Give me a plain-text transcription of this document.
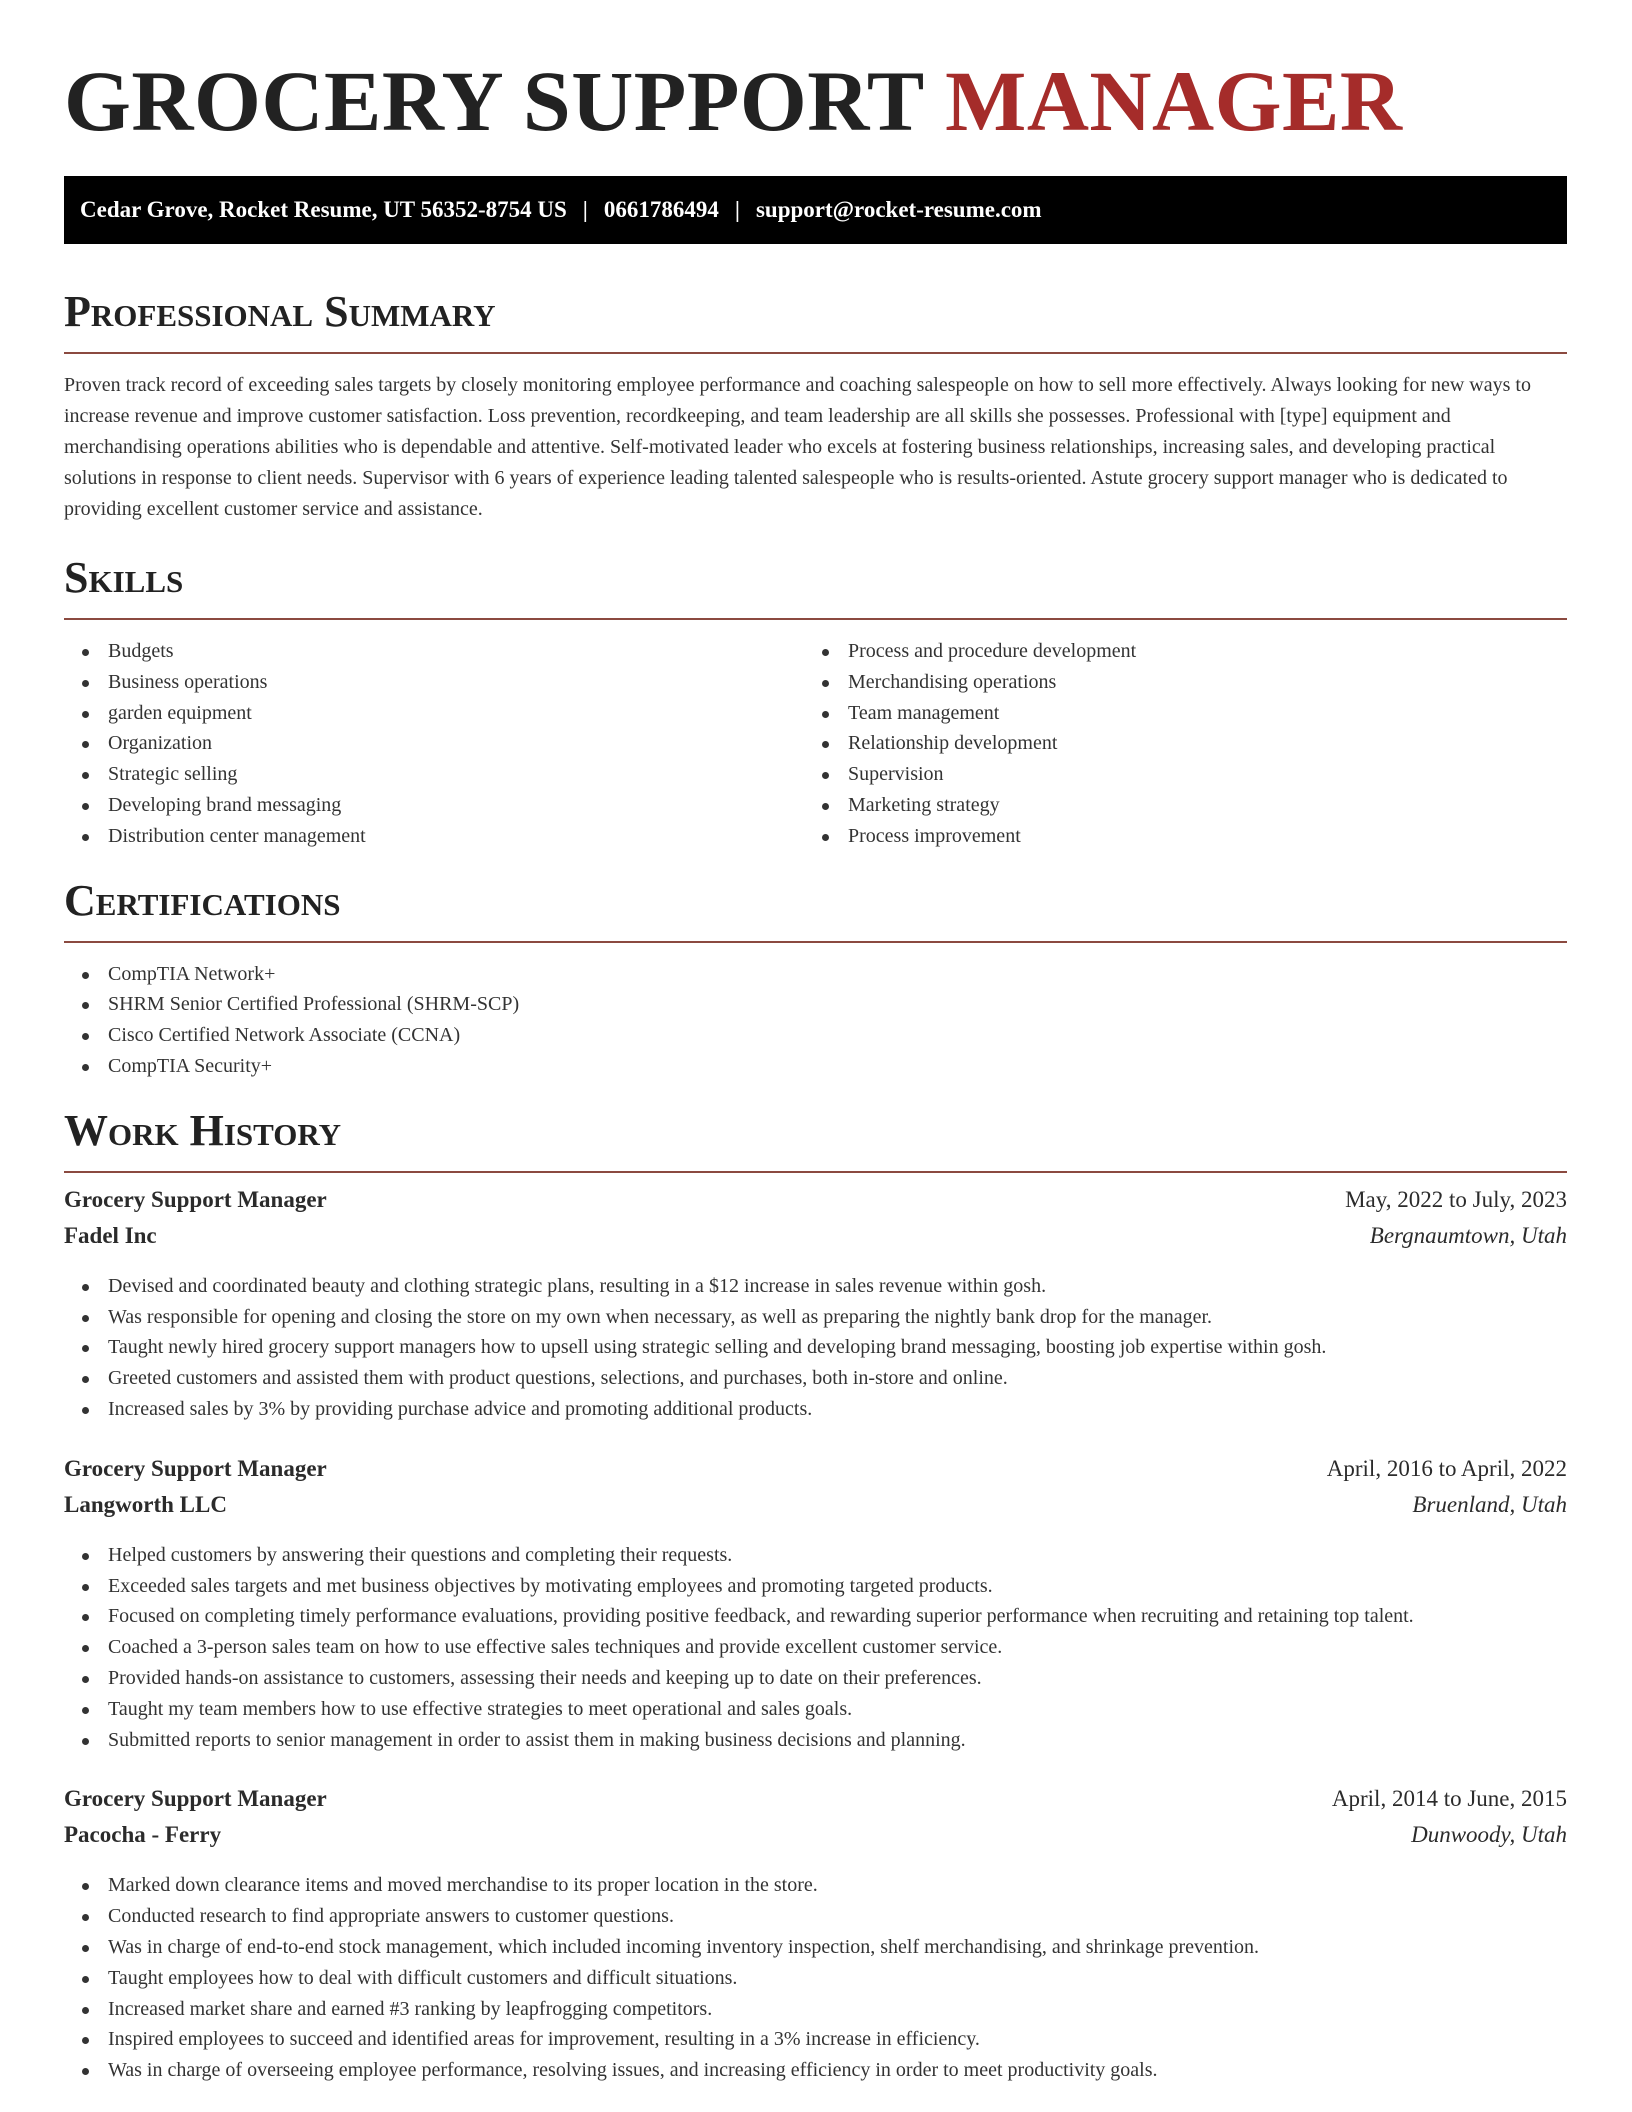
GROCERY SUPPORT MANAGER
Cedar Grove, Rocket Resume, UT 56352-8754 US | 0661786494 | support@rocket-resume.com
Professional Summary

Proven track record of exceeding sales targets by closely monitoring employee performance and coaching salespeople on how to sell more effectively. Always looking for new ways to increase revenue and improve customer satisfaction. Loss prevention, recordkeeping, and team leadership are all skills she possesses. Professional with [type] equipment and merchandising operations abilities who is dependable and attentive. Self-motivated leader who excels at fostering business relationships, increasing sales, and developing practical solutions in response to client needs. Supervisor with 6 years of experience leading talented salespeople who is results-oriented. Astute grocery support manager who is dedicated to providing excellent customer service and assistance.

Skills
Budgets
Business operations
garden equipment
Organization
Strategic selling
Developing brand messaging
Distribution center management
Process and procedure development
Merchandising operations
Team management
Relationship development
Supervision
Marketing strategy
Process improvement
Certifications
CompTIA Network+
SHRM Senior Certified Professional (SHRM-SCP)
Cisco Certified Network Associate (CCNA)
CompTIA Security+
Work History
Grocery Support Manager	May, 2022 to July, 2023
Fadel Inc	Bergnaumtown, Utah
Devised and coordinated beauty and clothing strategic plans, resulting in a $12 increase in sales revenue within gosh.
Was responsible for opening and closing the store on my own when necessary, as well as preparing the nightly bank drop for the manager.
Taught newly hired grocery support managers how to upsell using strategic selling and developing brand messaging, boosting job expertise within gosh.
Greeted customers and assisted them with product questions, selections, and purchases, both in-store and online.
Increased sales by 3% by providing purchase advice and promoting additional products.
Grocery Support Manager	April, 2016 to April, 2022
Langworth LLC	Bruenland, Utah
Helped customers by answering their questions and completing their requests.
Exceeded sales targets and met business objectives by motivating employees and promoting targeted products.
Focused on completing timely performance evaluations, providing positive feedback, and rewarding superior performance when recruiting and retaining top talent.
Coached a 3-person sales team on how to use effective sales techniques and provide excellent customer service.
Provided hands-on assistance to customers, assessing their needs and keeping up to date on their preferences.
Taught my team members how to use effective strategies to meet operational and sales goals.
Submitted reports to senior management in order to assist them in making business decisions and planning.
Grocery Support Manager	April, 2014 to June, 2015
Pacocha - Ferry	Dunwoody, Utah
Marked down clearance items and moved merchandise to its proper location in the store.
Conducted research to find appropriate answers to customer questions.
Was in charge of end-to-end stock management, which included incoming inventory inspection, shelf merchandising, and shrinkage prevention.
Taught employees how to deal with difficult customers and difficult situations.
Increased market share and earned #3 ranking by leapfrogging competitors.
Inspired employees to succeed and identified areas for improvement, resulting in a 3% increase in efficiency.
Was in charge of overseeing employee performance, resolving issues, and increasing efficiency in order to meet productivity goals.
